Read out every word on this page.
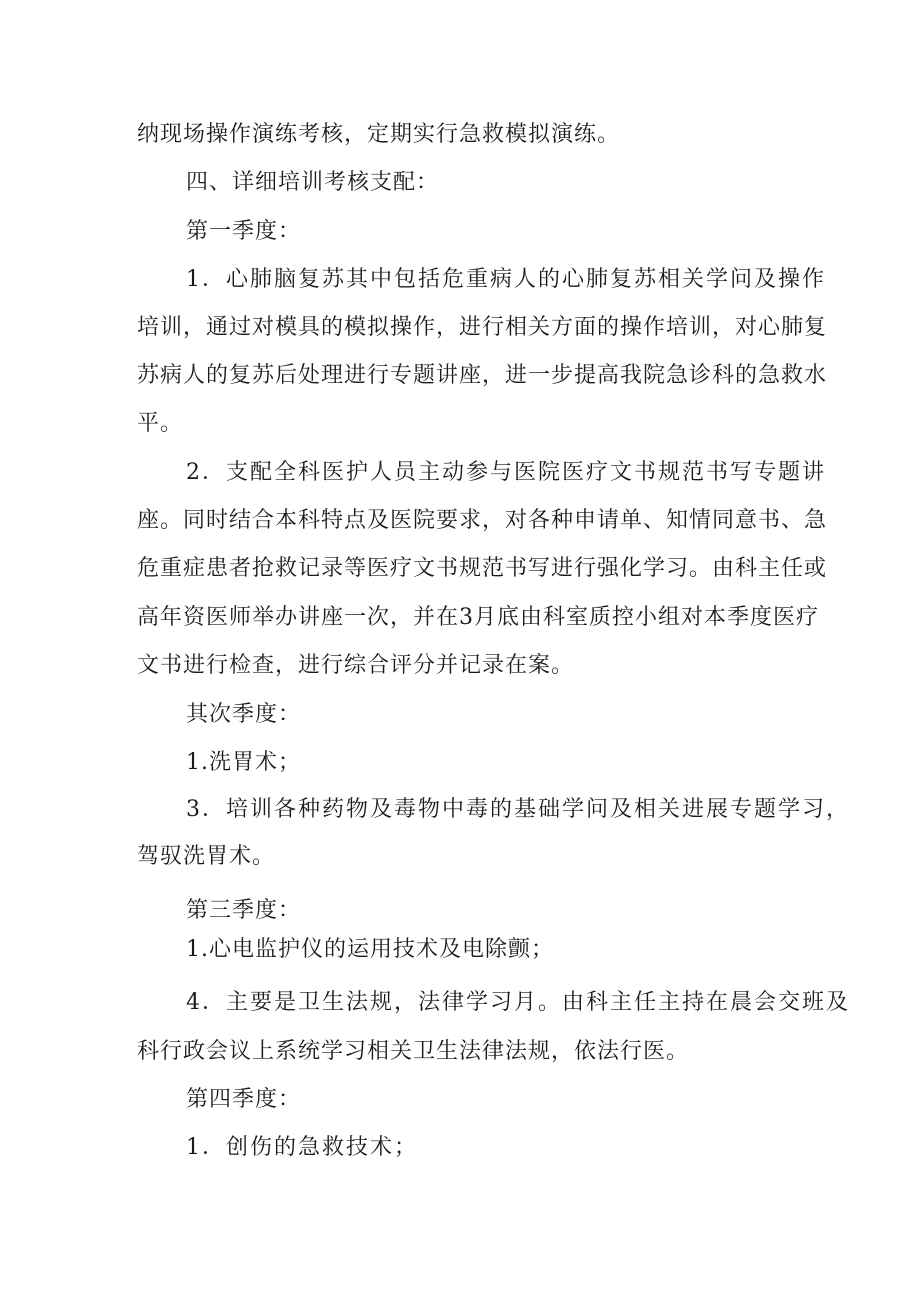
纳现场操作演练考核，定期实行急救模拟演练。

四、详细培训考核支配：

第一季度：

1．心肺脑复苏其中包括危重病人的心肺复苏相关学问及操作

培训，通过对模具的模拟操作，进行相关方面的操作培训，对心肺复

苏病人的复苏后处理进行专题讲座，进一步提高我院急诊科的急救水

平。

2．支配全科医护人员主动参与医院医疗文书规范书写专题讲

座。同时结合本科特点及医院要求，对各种申请单、知情同意书、急

危重症患者抢救记录等医疗文书规范书写进行强化学习。由科主任或

高年资医师举办讲座一次，并在3月底由科室质控小组对本季度医疗

文书进行检查，进行综合评分并记录在案。

其次季度：

1.洗胃术；

3．培训各种药物及毒物中毒的基础学问及相关进展专题学习，

驾驭洗胃术。

第三季度：

1.心电监护仪的运用技术及电除颤；

4．主要是卫生法规，法律学习月。由科主任主持在晨会交班及

科行政会议上系统学习相关卫生法律法规，依法行医。

第四季度：

1．创伤的急救技术；
